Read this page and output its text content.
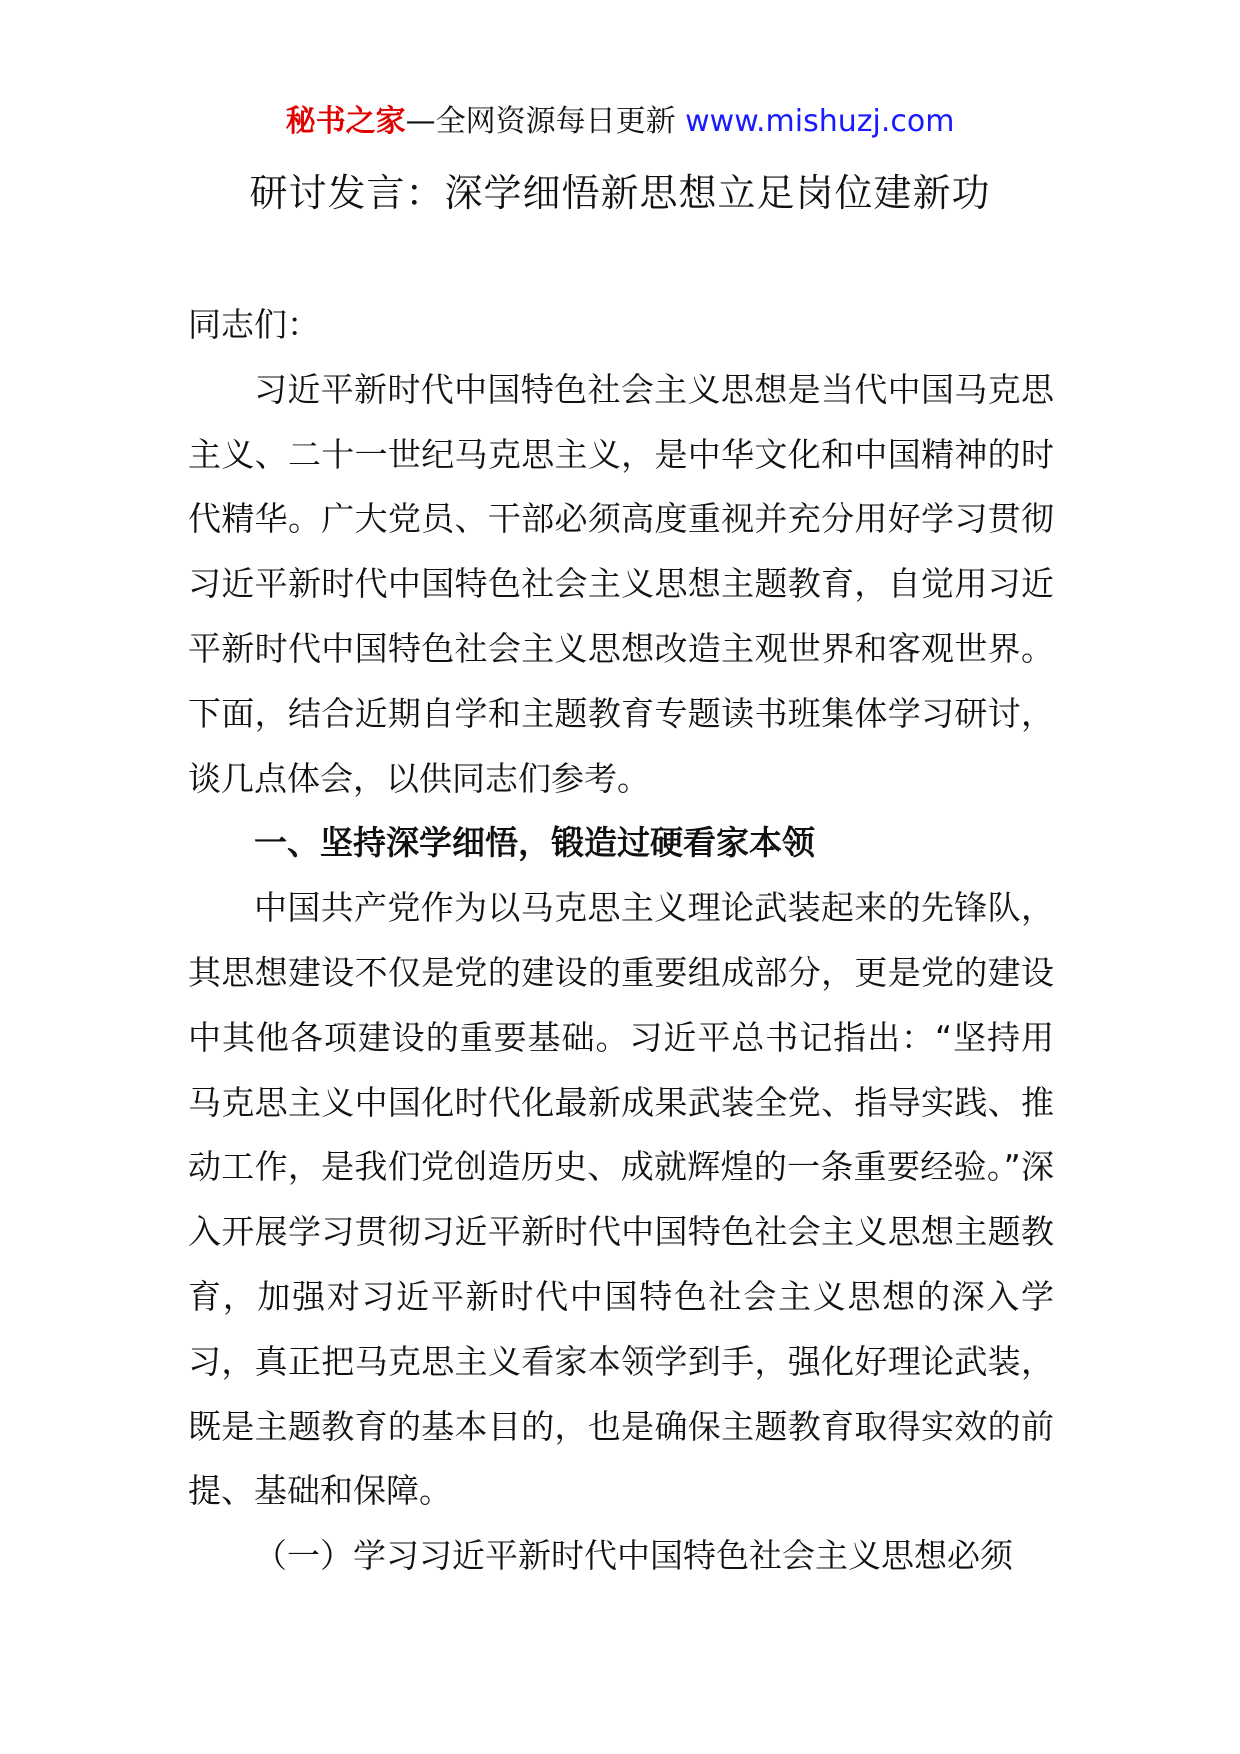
秘书之家—全网资源每日更新 www.mishuzj.com
研讨发言：深学细悟新思想立足岗位建新功

同志们：

习近平新时代中国特色社会主义思想是当代中国马克思主义、二十一世纪马克思主义，是中华文化和中国精神的时代精华。广大党员、干部必须高度重视并充分用好学习贯彻习近平新时代中国特色社会主义思想主题教育，自觉用习近平新时代中国特色社会主义思想改造主观世界和客观世界。下面，结合近期自学和主题教育专题读书班集体学习研讨，谈几点体会，以供同志们参考。

一、坚持深学细悟，锻造过硬看家本领

中国共产党作为以马克思主义理论武装起来的先锋队，其思想建设不仅是党的建设的重要组成部分，更是党的建设中其他各项建设的重要基础。习近平总书记指出：“坚持用马克思主义中国化时代化最新成果武装全党、指导实践、推动工作，是我们党创造历史、成就辉煌的一条重要经验。”深入开展学习贯彻习近平新时代中国特色社会主义思想主题教育，加强对习近平新时代中国特色社会主义思想的深入学习，真正把马克思主义看家本领学到手，强化好理论武装，既是主题教育的基本目的，也是确保主题教育取得实效的前提、基础和保障。

（一）学习习近平新时代中国特色社会主义思想必须
